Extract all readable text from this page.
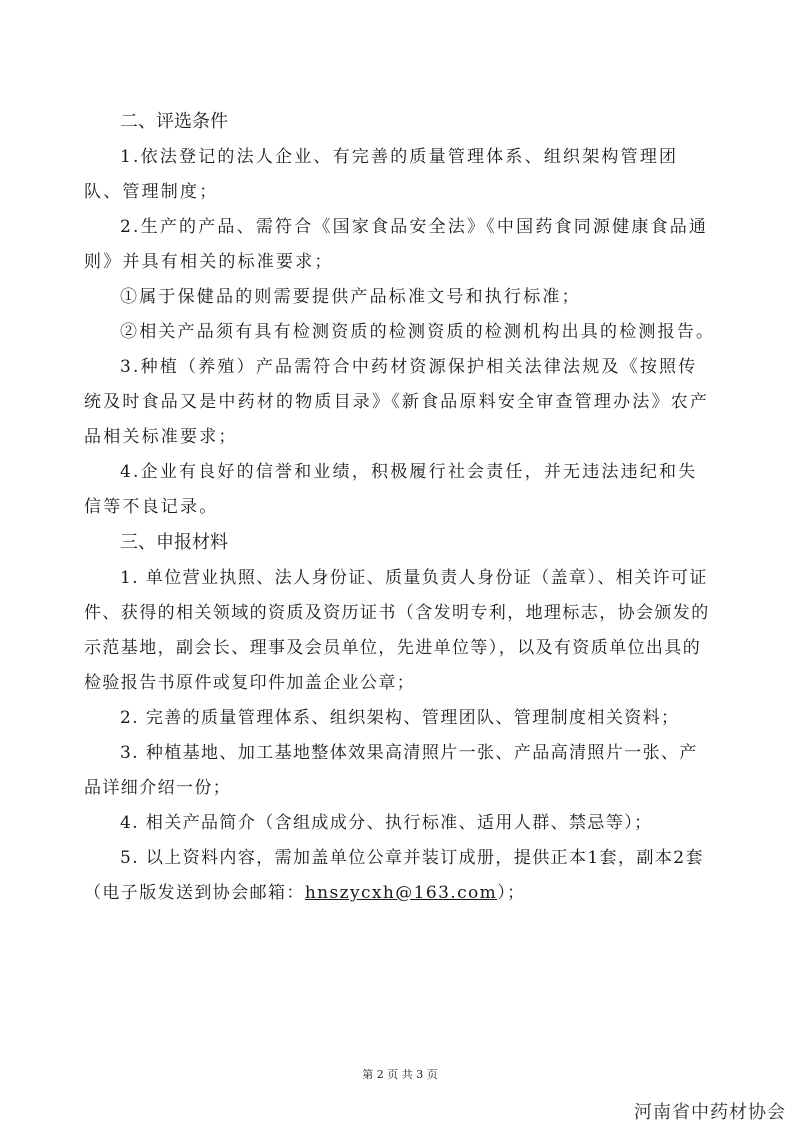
二、评选条件

1.依法登记的法人企业、有完善的质量管理体系、组织架构管理团队、管理制度；

2.生产的产品、需符合《国家食品安全法》《中国药食同源健康食品通则》并具有相关的标准要求；

①属于保健品的则需要提供产品标准文号和执行标准；

②相关产品须有具有检测资质的检测资质的检测机构出具的检测报告。

3.种植（养殖）产品需符合中药材资源保护相关法律法规及《按照传统及时食品又是中药材的物质目录》《新食品原料安全审查管理办法》农产品相关标准要求；

4.企业有良好的信誉和业绩，积极履行社会责任，并无违法违纪和失信等不良记录。

三、申报材料

1. 单位营业执照、法人身份证、质量负责人身份证（盖章）、相关许可证件、获得的相关领域的资质及资历证书（含发明专利，地理标志，协会颁发的示范基地，副会长、理事及会员单位，先进单位等），以及有资质单位出具的检验报告书原件或复印件加盖企业公章；

2. 完善的质量管理体系、组织架构、管理团队、管理制度相关资料；

3. 种植基地、加工基地整体效果高清照片一张、产品高清照片一张、产品详细介绍一份；

4. 相关产品简介（含组成成分、执行标准、适用人群、禁忌等）；

5. 以上资料内容，需加盖单位公章并装订成册，提供正本1套，副本2套（电子版发送到协会邮箱：hnszycxh@163.com）；

第 2 页 共 3 页
河南省中药材协会
